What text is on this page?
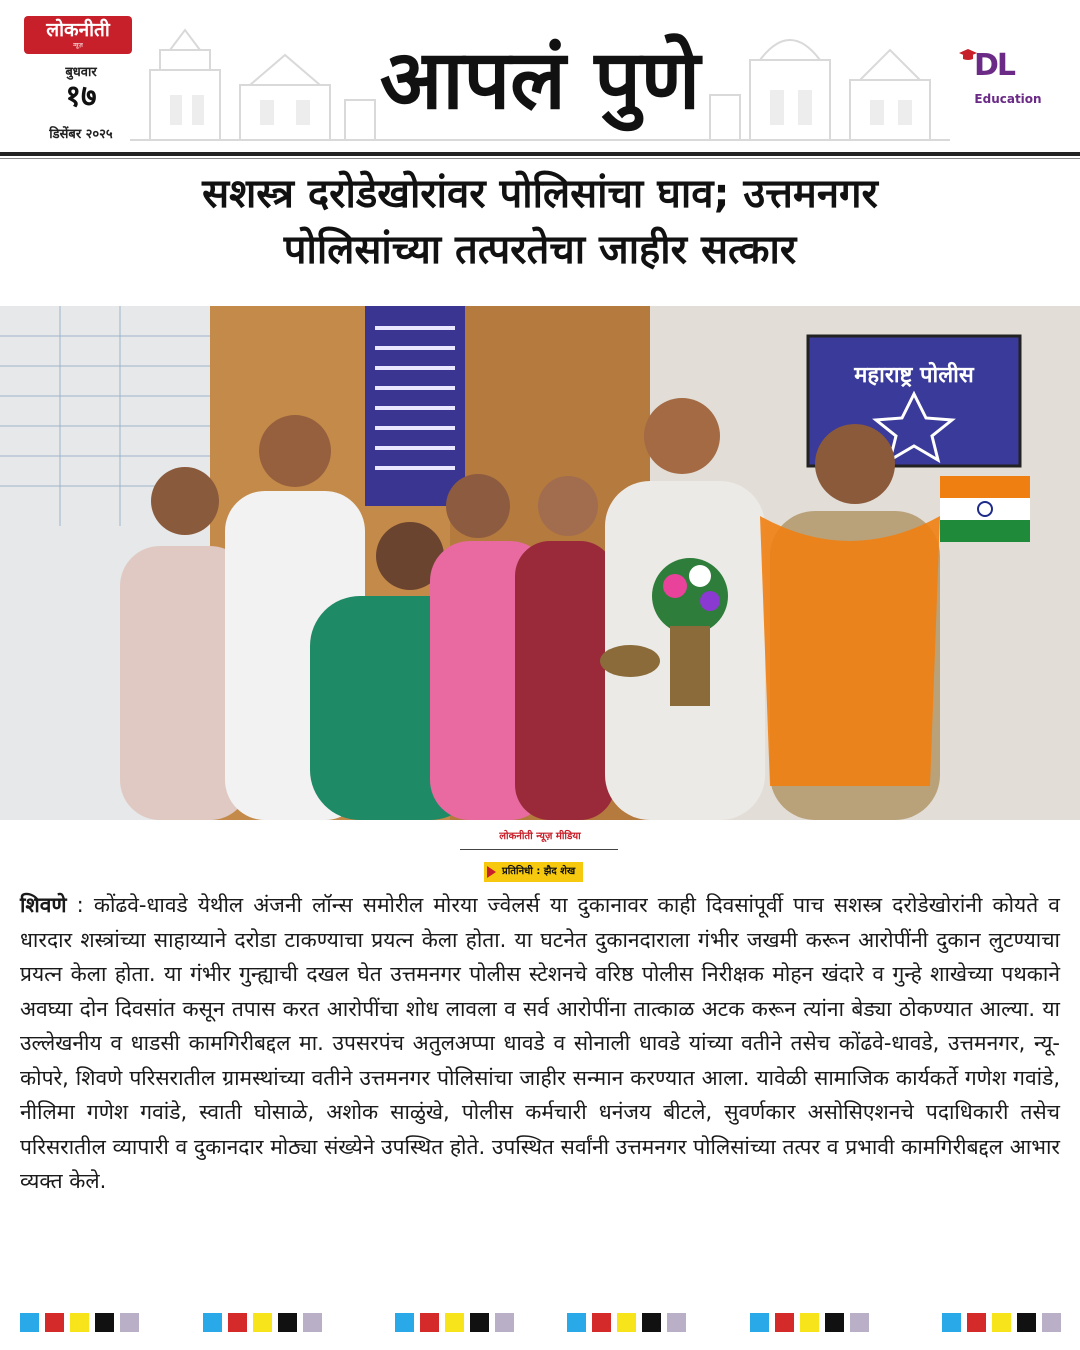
लोकनीती
न्यूज़
बुधवार
१७
डिसेंबर २०२५
आपलं पुणे	DL
Education
सशस्त्र दरोडेखोरांवर पोलिसांचा घाव; उत्तमनगर
पोलिसांच्या तत्परतेचा जाहीर सत्कार
महाराष्ट्र पोलीस
लोकनीती न्यूज़ मीडिया
प्रतिनिधी : झैद शेख
शिवणे : कोंढवे-धावडे येथील अंजनी लॉन्स समोरील मोरया ज्वेलर्स या दुकानावर काही दिवसांपूर्वी पाच सशस्त्र दरोडेखोरांनी कोयते व धारदार शस्त्रांच्या साहाय्याने दरोडा टाकण्याचा प्रयत्न केला होता. या घटनेत दुकानदाराला गंभीर जखमी करून आरोपींनी दुकान लुटण्याचा प्रयत्न केला होता. या गंभीर गुन्ह्याची दखल घेत उत्तमनगर पोलीस स्टेशनचे वरिष्ठ पोलीस निरीक्षक मोहन खंदारे व गुन्हे शाखेच्या पथकाने अवघ्या दोन दिवसांत कसून तपास करत आरोपींचा शोध लावला व सर्व आरोपींना तात्काळ अटक करून त्यांना बेड्या ठोकण्यात आल्या. या उल्लेखनीय व धाडसी कामगिरीबद्दल मा. उपसरपंच अतुलअप्पा धावडे व सोनाली धावडे यांच्या वतीने तसेच कोंढवे-धावडे, उत्तमनगर, न्यू-कोपरे, शिवणे परिसरातील ग्रामस्थांच्या वतीने उत्तमनगर पोलिसांचा जाहीर सन्मान करण्यात आला. यावेळी सामाजिक कार्यकर्ते गणेश गवांडे, नीलिमा गणेश गवांडे, स्वाती घोसाळे, अशोक साळुंखे, पोलीस कर्मचारी धनंजय बीटले, सुवर्णकार असोसिएशनचे पदाधिकारी तसेच परिसरातील व्यापारी व दुकानदार मोठ्या संख्येने उपस्थित होते. उपस्थित सर्वांनी उत्तमनगर पोलिसांच्या तत्पर व प्रभावी कामगिरीबद्दल आभार व्यक्त केले.
